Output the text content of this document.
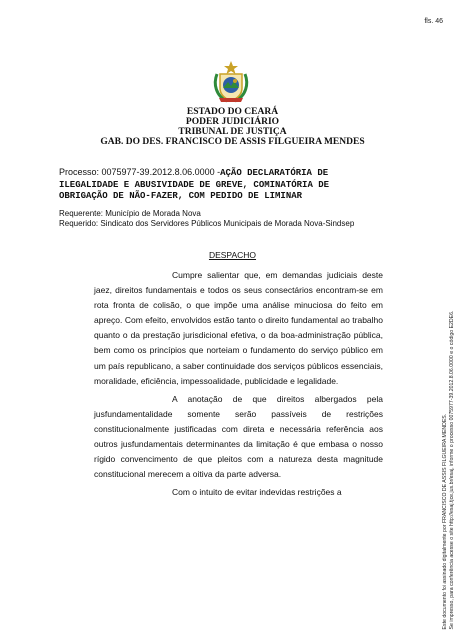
fls. 46
ESTADO DO CEARÁ
PODER JUDICIÁRIO
TRIBUNAL DE JUSTIÇA
GAB. DO DES. FRANCISCO DE ASSIS FILGUEIRA MENDES
Processo: 0075977-39.2012.8.06.0000 -AÇÃO DECLARATÓRIA DE ILEGALIDADE E ABUSIVIDADE DE GREVE, COMINATÓRIA DE OBRIGAÇÃO DE NÃO-FAZER, COM PEDIDO DE LIMINAR
Requerente: Município de Morada Nova
Requerido: Sindicato dos Servidores Públicos Municipais de Morada Nova-Sindsep
DESPACHO

Cumpre salientar que, em demandas judiciais deste jaez, direitos fundamentais e todos os seus consectários encontram-se em rota fronta de colisão, o que impõe uma análise minuciosa do feito em apreço. Com efeito, envolvidos estão tanto o direito fundamental ao trabalho quanto o da prestação jurisdicional efetiva, o da boa-administração pública, bem como os princípios que norteiam o fundamento do serviço público em um país republicano, a saber continuidade dos serviços públicos essenciais, moralidade, eficiência, impessoalidade, publicidade e legalidade.

A anotação de que direitos albergados pela jusfundamentalidade somente serão passíveis de restrições constitucionalmente justificadas com direta e necessária referência aos outros jusfundamentais determinantes da limitação é que embasa o nosso rígido convencimento de que pleitos com a natureza desta magnitude constitucional merecem a oitiva da parte adversa.

Com o intuito de evitar indevidas restrições a	Este documento foi assinado digitalmente por FRANCISCO DE ASSIS FILGUEIRA MENDES. Se impresso, para conferência acesse o site http://esaj.tjce.jus.br/esaj, informe o processo 0075977-39.2012.8.06.0000 e o código E2DE6.
